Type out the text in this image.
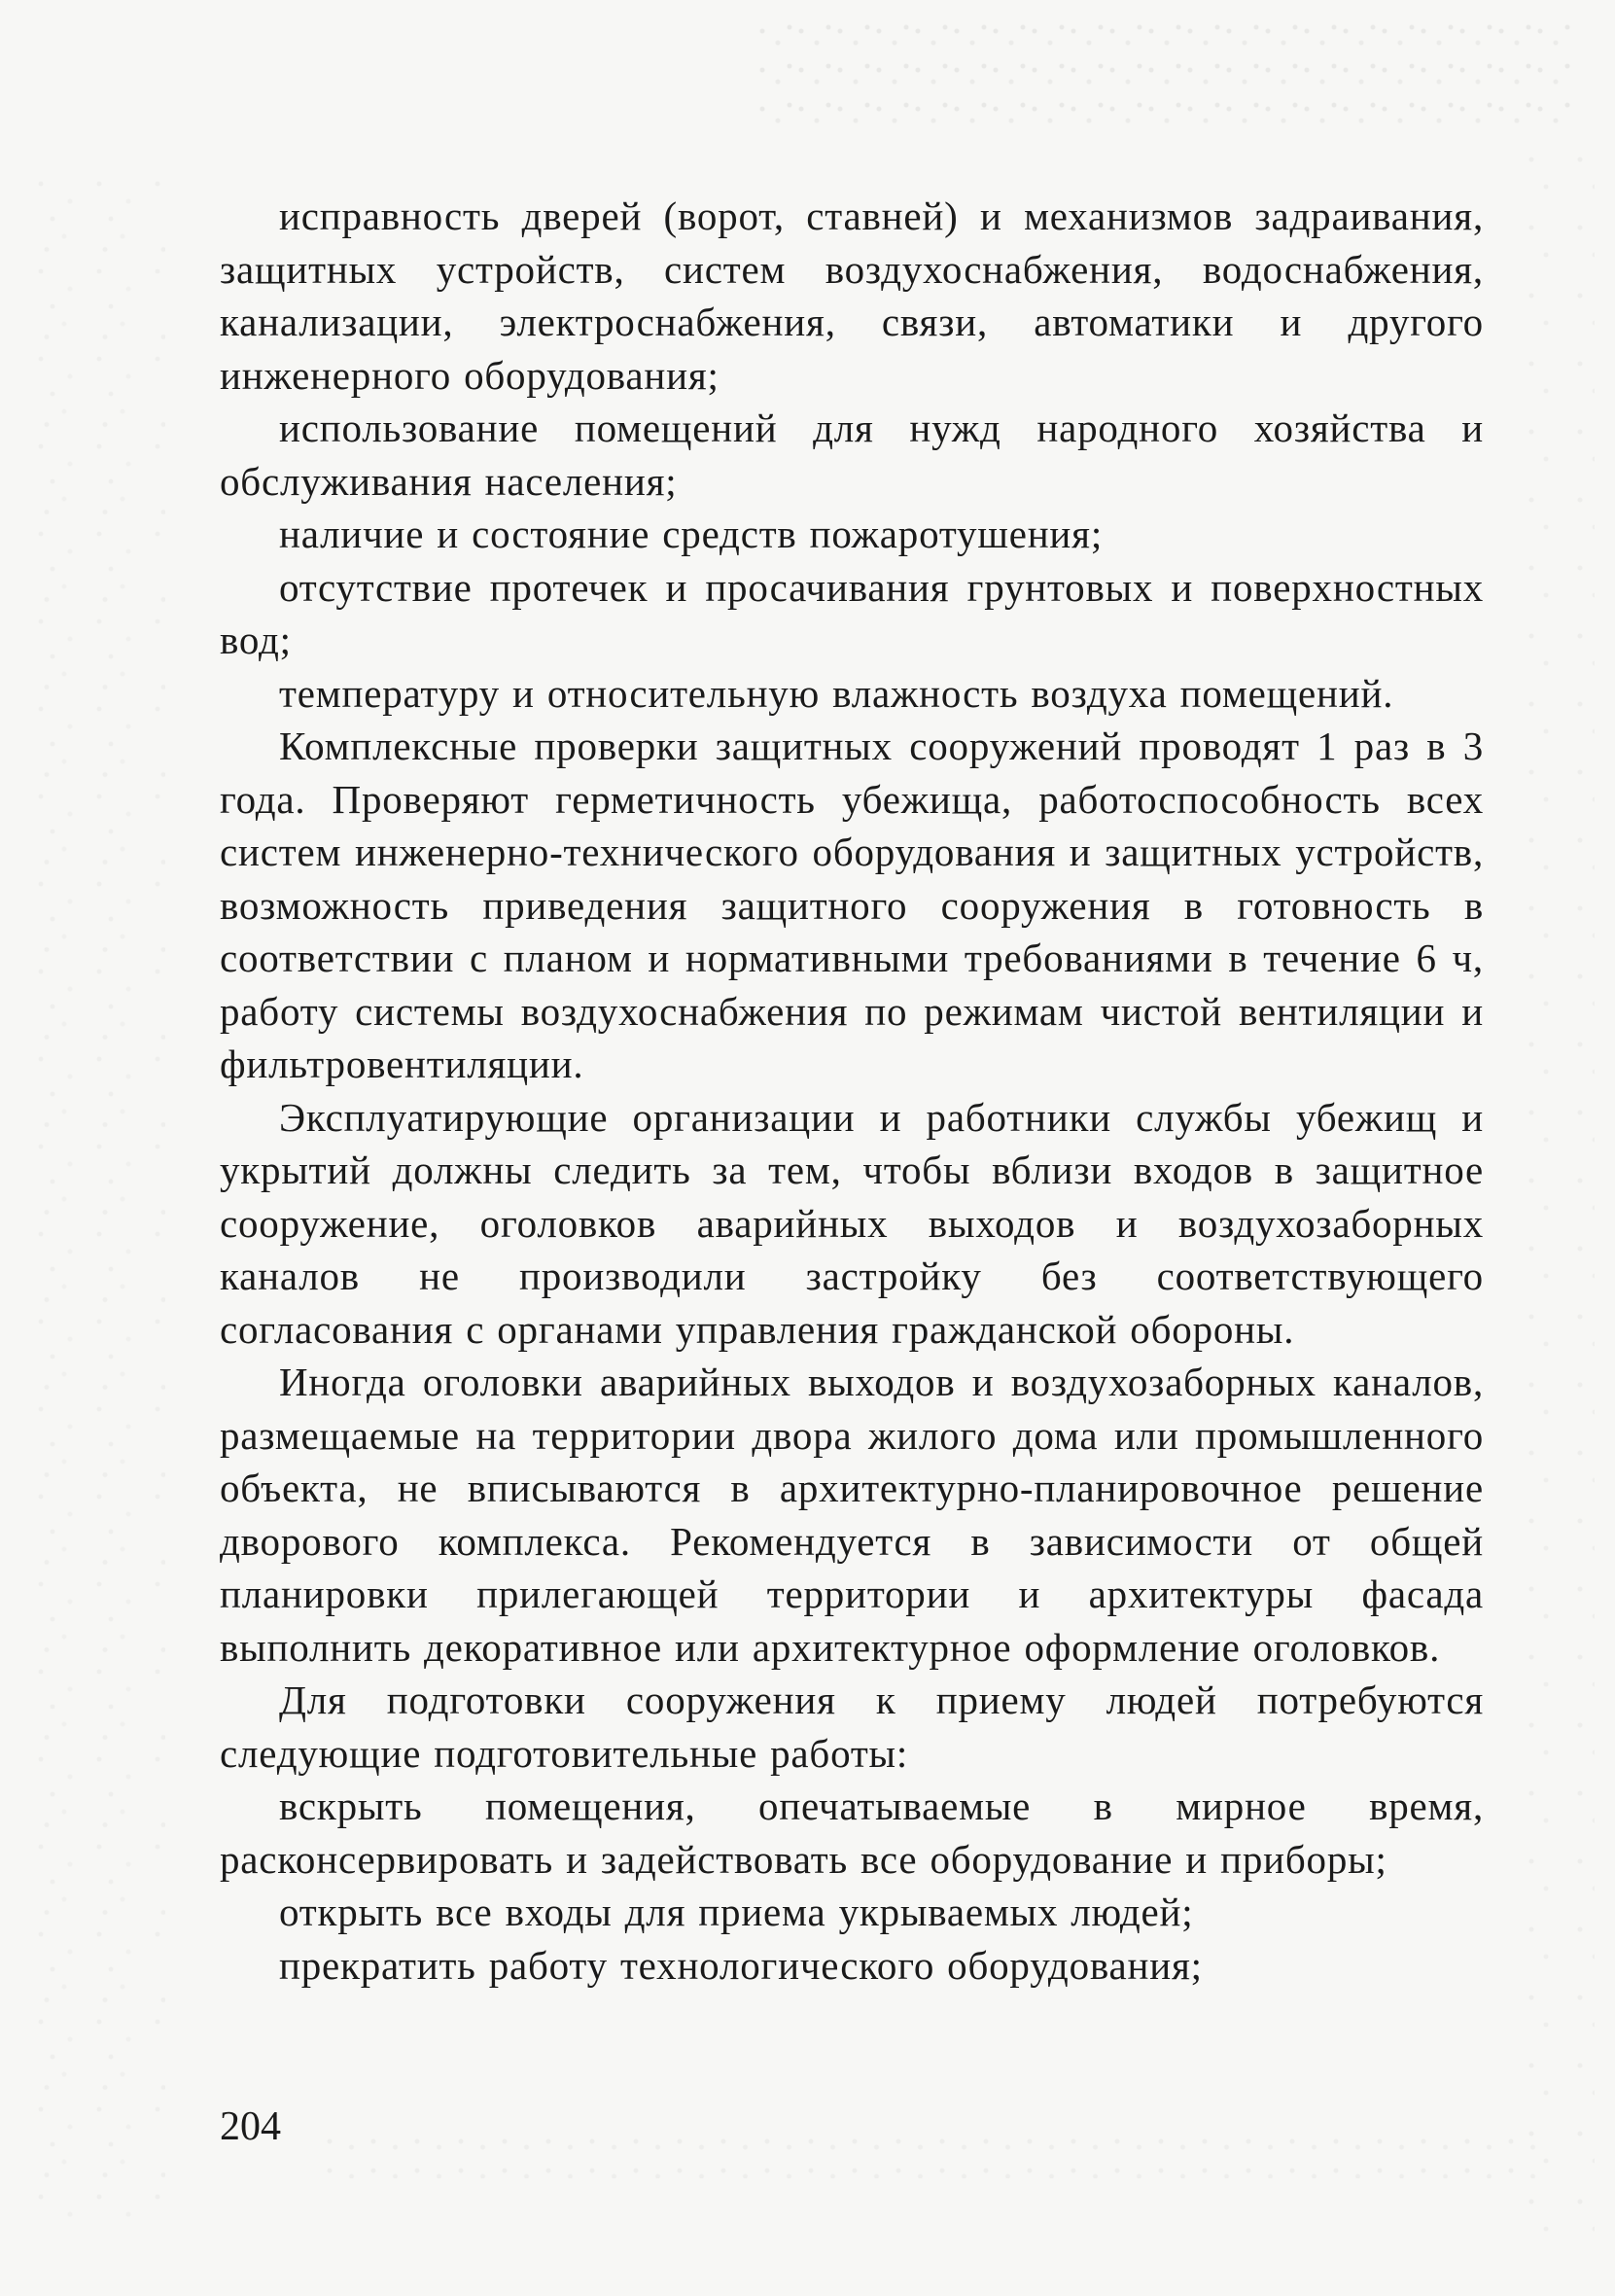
исправность дверей (ворот, ставней) и механизмов задраивания, защитных устройств, систем воздухоснабжения, водоснабжения, канализации, электроснабжения, связи, автоматики и другого инженерного оборудования;

использование помещений для нужд народного хозяйства и обслуживания населения;

наличие и состояние средств пожаротушения;

отсутствие протечек и просачивания грунтовых и поверхностных вод;

температуру и относительную влажность воздуха помещений.

Комплексные проверки защитных сооружений проводят 1 раз в 3 года. Проверяют герметичность убежища, работоспособность всех систем инженерно-технического оборудования и защитных устройств, возможность приведения защитного сооружения в готовность в соответствии с планом и нормативными требованиями в течение 6 ч, работу системы воздухоснабжения по режимам чистой вентиляции и фильтровентиляции.

Эксплуатирующие организации и работники службы убежищ и укрытий должны следить за тем, чтобы вблизи входов в защитное сооружение, оголовков аварийных выходов и воздухозаборных каналов не производили застройку без соответствующего согласования с органами управления гражданской обороны.

Иногда оголовки аварийных выходов и воздухозаборных каналов, размещаемые на территории двора жилого дома или промышленного объекта, не вписываются в архитектурно-планировочное решение дворового комплекса. Рекомендуется в зависимости от общей планировки прилегающей территории и архитектуры фасада выполнить декоративное или архитектурное оформление оголовков.

Для подготовки сооружения к приему людей потребуются следующие подготовительные работы:

вскрыть помещения, опечатываемые в мирное время, расконсервировать и задействовать все оборудование и приборы;

открыть все входы для приема укрываемых людей;

прекратить работу технологического оборудования;

204
